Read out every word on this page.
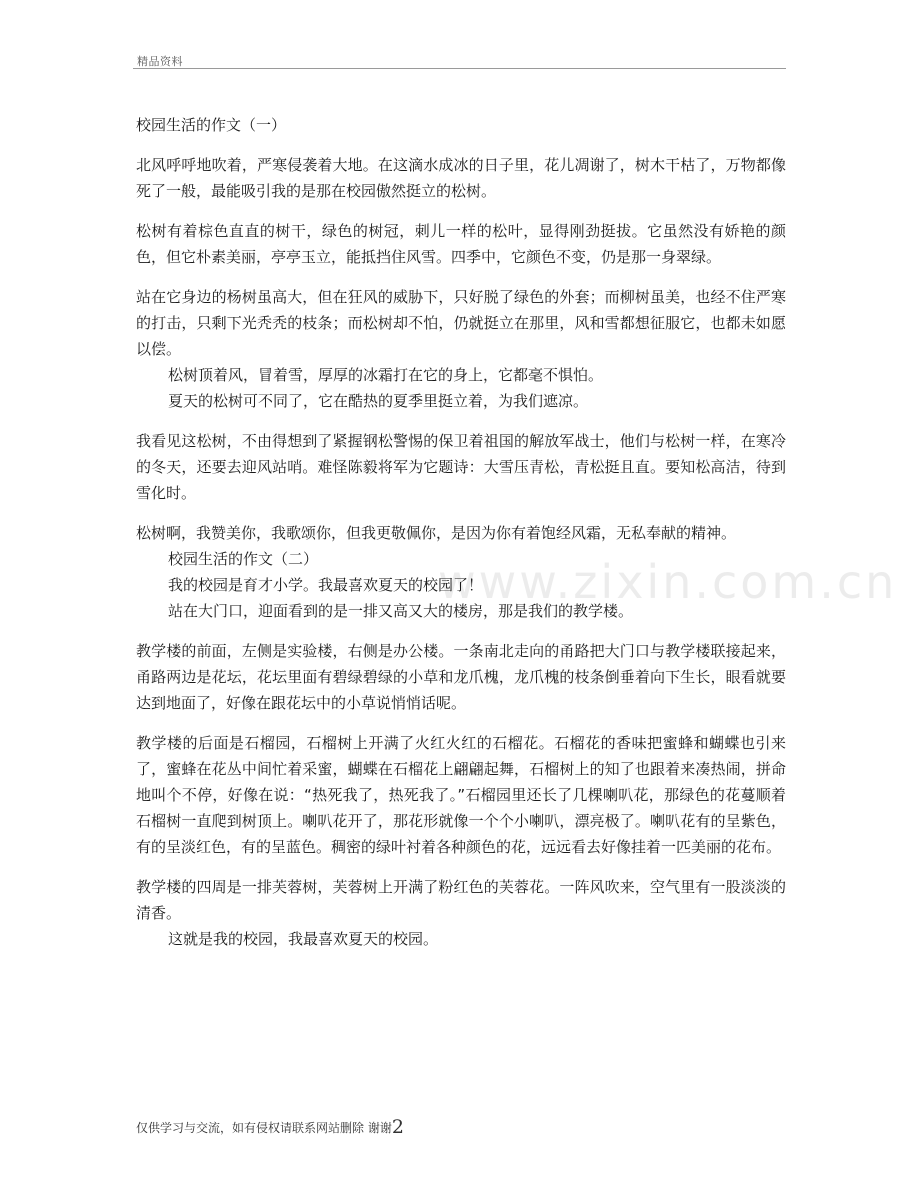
精品资料
www.zixin.com.cn

校园生活的作文（一）

北风呼呼地吹着，严寒侵袭着大地。在这滴水成冰的日子里，花儿凋谢了，树木干枯了，万物都像死了一般，最能吸引我的是那在校园傲然挺立的松树。

松树有着棕色直直的树干，绿色的树冠，刺儿一样的松叶，显得刚劲挺拔。它虽然没有娇艳的颜色，但它朴素美丽，亭亭玉立，能抵挡住风雪。四季中，它颜色不变，仍是那一身翠绿。

站在它身边的杨树虽高大，但在狂风的威胁下，只好脱了绿色的外套；而柳树虽美，也经不住严寒的打击，只剩下光秃秃的枝条；而松树却不怕，仍就挺立在那里，风和雪都想征服它，也都未如愿以偿。

松树顶着风，冒着雪，厚厚的冰霜打在它的身上，它都毫不惧怕。

夏天的松树可不同了，它在酷热的夏季里挺立着，为我们遮凉。

我看见这松树，不由得想到了紧握钢松警惕的保卫着祖国的解放军战士，他们与松树一样，在寒冷的冬天，还要去迎风站哨。难怪陈毅将军为它题诗：大雪压青松，青松挺且直。要知松高洁，待到雪化时。

松树啊，我赞美你，我歌颂你，但我更敬佩你，是因为你有着饱经风霜，无私奉献的精神。

校园生活的作文（二）

我的校园是育才小学。我最喜欢夏天的校园了！

站在大门口，迎面看到的是一排又高又大的楼房，那是我们的教学楼。

教学楼的前面，左侧是实验楼，右侧是办公楼。一条南北走向的甬路把大门口与教学楼联接起来，甬路两边是花坛，花坛里面有碧绿碧绿的小草和龙爪槐，龙爪槐的枝条倒垂着向下生长，眼看就要达到地面了，好像在跟花坛中的小草说悄悄话呢。

教学楼的后面是石榴园，石榴树上开满了火红火红的石榴花。石榴花的香味把蜜蜂和蝴蝶也引来了，蜜蜂在花丛中间忙着采蜜，蝴蝶在石榴花上翩翩起舞，石榴树上的知了也跟着来凑热闹，拼命地叫个不停，好像在说：“热死我了，热死我了。”石榴园里还长了几棵喇叭花，那绿色的花蔓顺着石榴树一直爬到树顶上。喇叭花开了，那花形就像一个个小喇叭，漂亮极了。喇叭花有的呈紫色，有的呈淡红色，有的呈蓝色。稠密的绿叶衬着各种颜色的花，远远看去好像挂着一匹美丽的花布。

教学楼的四周是一排芙蓉树，芙蓉树上开满了粉红色的芙蓉花。一阵风吹来，空气里有一股淡淡的清香。

这就是我的校园，我最喜欢夏天的校园。

仅供学习与交流，如有侵权请联系网站删除 谢谢2
